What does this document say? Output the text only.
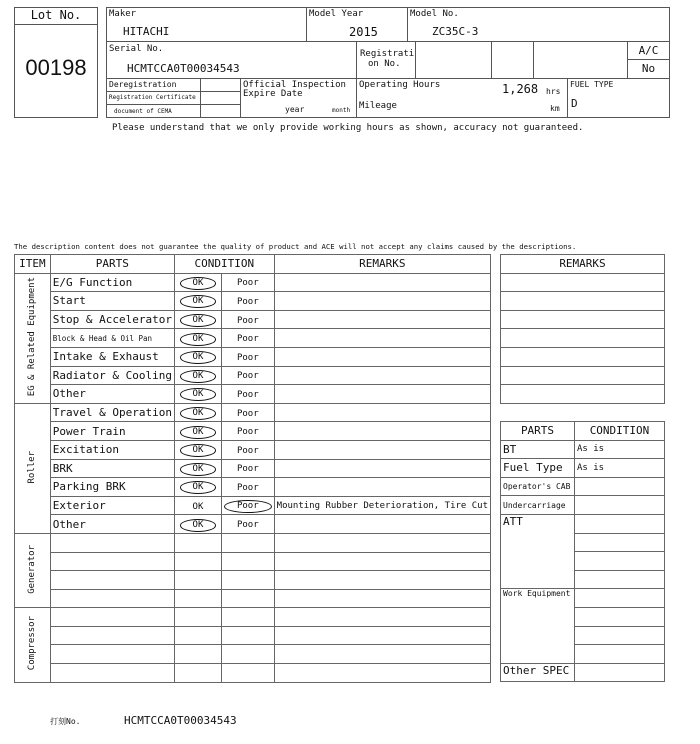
Lot No.
00198
Maker
HITACHI
Model Year
2015
Model No.
ZC35C-3
Serial No.
HCMTCCA0T00034543
Registrati
on No.
A/C
No
Deregistration
Registration Certificate
document of CEMA
Official Inspection
Expire Date
year	month
Operating Hours	1,268 hrs
Mileage	km
FUEL TYPE
D
Please understand that we only provide working hours as shown, accuracy not guaranteed.
The description content does not guarantee the quality of product and ACE will not accept any claims caused by the descriptions.
ITEM	PARTS	CONDITION		REMARKS
EG & Related Equipment	E/G Function	OK	Poor	
	Start	OK	Poor	
	Stop & Accelerator	OK	Poor	
	Block & Head & Oil Pan	OK	Poor	
	Intake & Exhaust	OK	Poor	
	Radiator & Cooling	OK	Poor	
	Other	OK	Poor	
Roller	Travel & Operation	OK	Poor	
	Power Train	OK	Poor	
	Excitation	OK	Poor	
	BRK	OK	Poor	
	Parking BRK	OK	Poor	
	Exterior	OK	Poor	Mounting Rubber Deterioration, Tire Cut
	Other	OK	Poor	
Generator				

Compressor				

REMARKS

PARTS	CONDITION
BT	As is
Fuel Type	As is
Operator's CAB	
Undercarriage	
ATT	

Work Equipment	

Other SPEC	
打刻No.	HCMTCCA0T00034543
